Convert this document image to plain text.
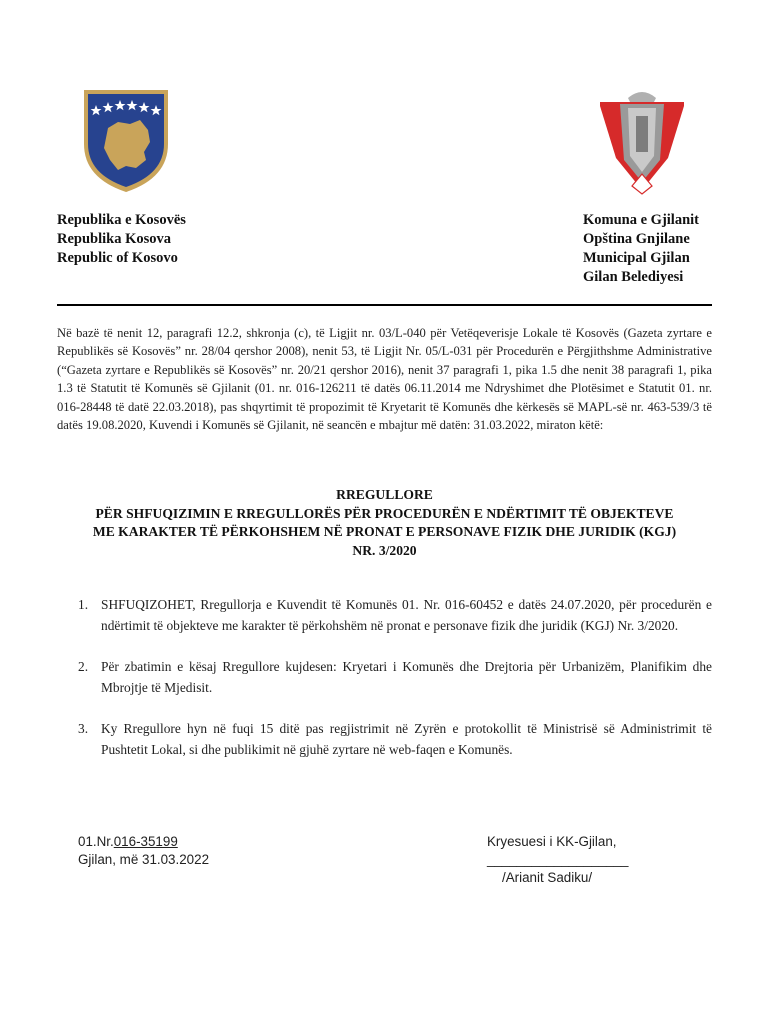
Republika e Kosovës
Republika Kosova
Republic of Kosovo
Komuna e Gjilanit
Opština Gnjilane
Municipal Gjilan
Gilan Belediyesi
Në bazë të nenit 12, paragrafi 12.2, shkronja (c), të Ligjit nr. 03/L-040 për Vetëqeverisje Lokale të Kosovës (Gazeta zyrtare e Republikës së Kosovës” nr. 28/04 qershor 2008), nenit 53, të Ligjit Nr. 05/L-031 për Procedurën e Përgjithshme Administrative (“Gazeta zyrtare e Republikës së Kosovës” nr. 20/21 qershor 2016), nenit 37 paragrafi 1, pika 1.5 dhe nenit 38 paragrafi 1, pika 1.3 të Statutit të Komunës së Gjilanit (01. nr. 016-126211 të datës 06.11.2014 me Ndryshimet dhe Plotësimet e Statutit 01. nr. 016-28448 të datë 22.03.2018), pas shqyrtimit të propozimit të Kryetarit të Komunës dhe kërkesës së MAPL-së nr. 463-539/3 të datës 19.08.2020, Kuvendi i Komunës së Gjilanit, në seancën e mbajtur më datën: 31.03.2022, miraton këtë:
RREGULLORE
PËR SHFUQIZIMIN E RREGULLORËS PËR PROCEDURËN E NDËRTIMIT TË OBJEKTEVE
ME KARAKTER TË PËRKOHSHEM NË PRONAT E PERSONAVE FIZIK DHE JURIDIK (KGJ)
NR. 3/2020
1. SHFUQIZOHET, Rregullorja e Kuvendit të Komunës 01. Nr. 016-60452 e datës 24.07.2020, për procedurën e ndërtimit të objekteve me karakter të përkohshëm në pronat e personave fizik dhe juridik (KGJ) Nr. 3/2020.
2. Për zbatimin e kësaj Rregullore kujdesen: Kryetari i Komunës dhe Drejtoria për Urbanizëm, Planifikim dhe Mbrojtje të Mjedisit.
3. Ky Rregullore hyn në fuqi 15 ditë pas regjistrimit në Zyrën e protokollit të Ministrisë së Administrimit të Pushtetit Lokal, si dhe publikimit në gjuhë zyrtare në web-faqen e Komunës.
01.Nr.016-35199
Gjilan, më 31.03.2022
Kryesuesi i KK-Gjilan,
___________________
/Arianit Sadiku/
